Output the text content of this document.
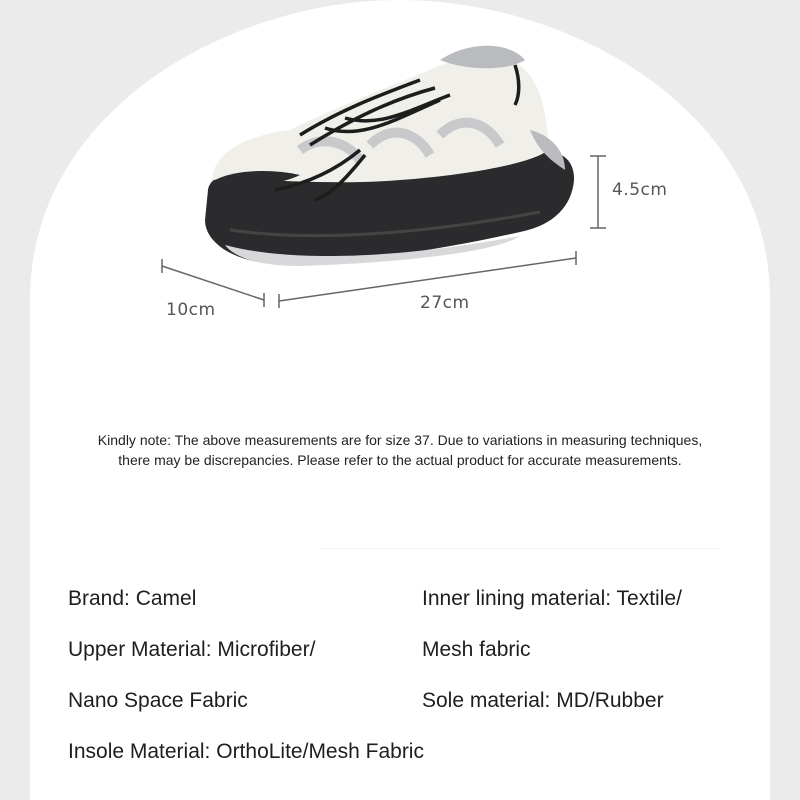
4.5cm
10cm	27cm
Kindly note: The above measurements are for size 37. Due to variations in measuring techniques,
there may be discrepancies. Please refer to the actual product for accurate measurements.
Brand: Camel
Upper Material: Microfiber/
Nano Space Fabric
Insole Material: OrthoLite/Mesh Fabric
Inner lining material: Textile/
Mesh fabric
Sole material: MD/Rubber
